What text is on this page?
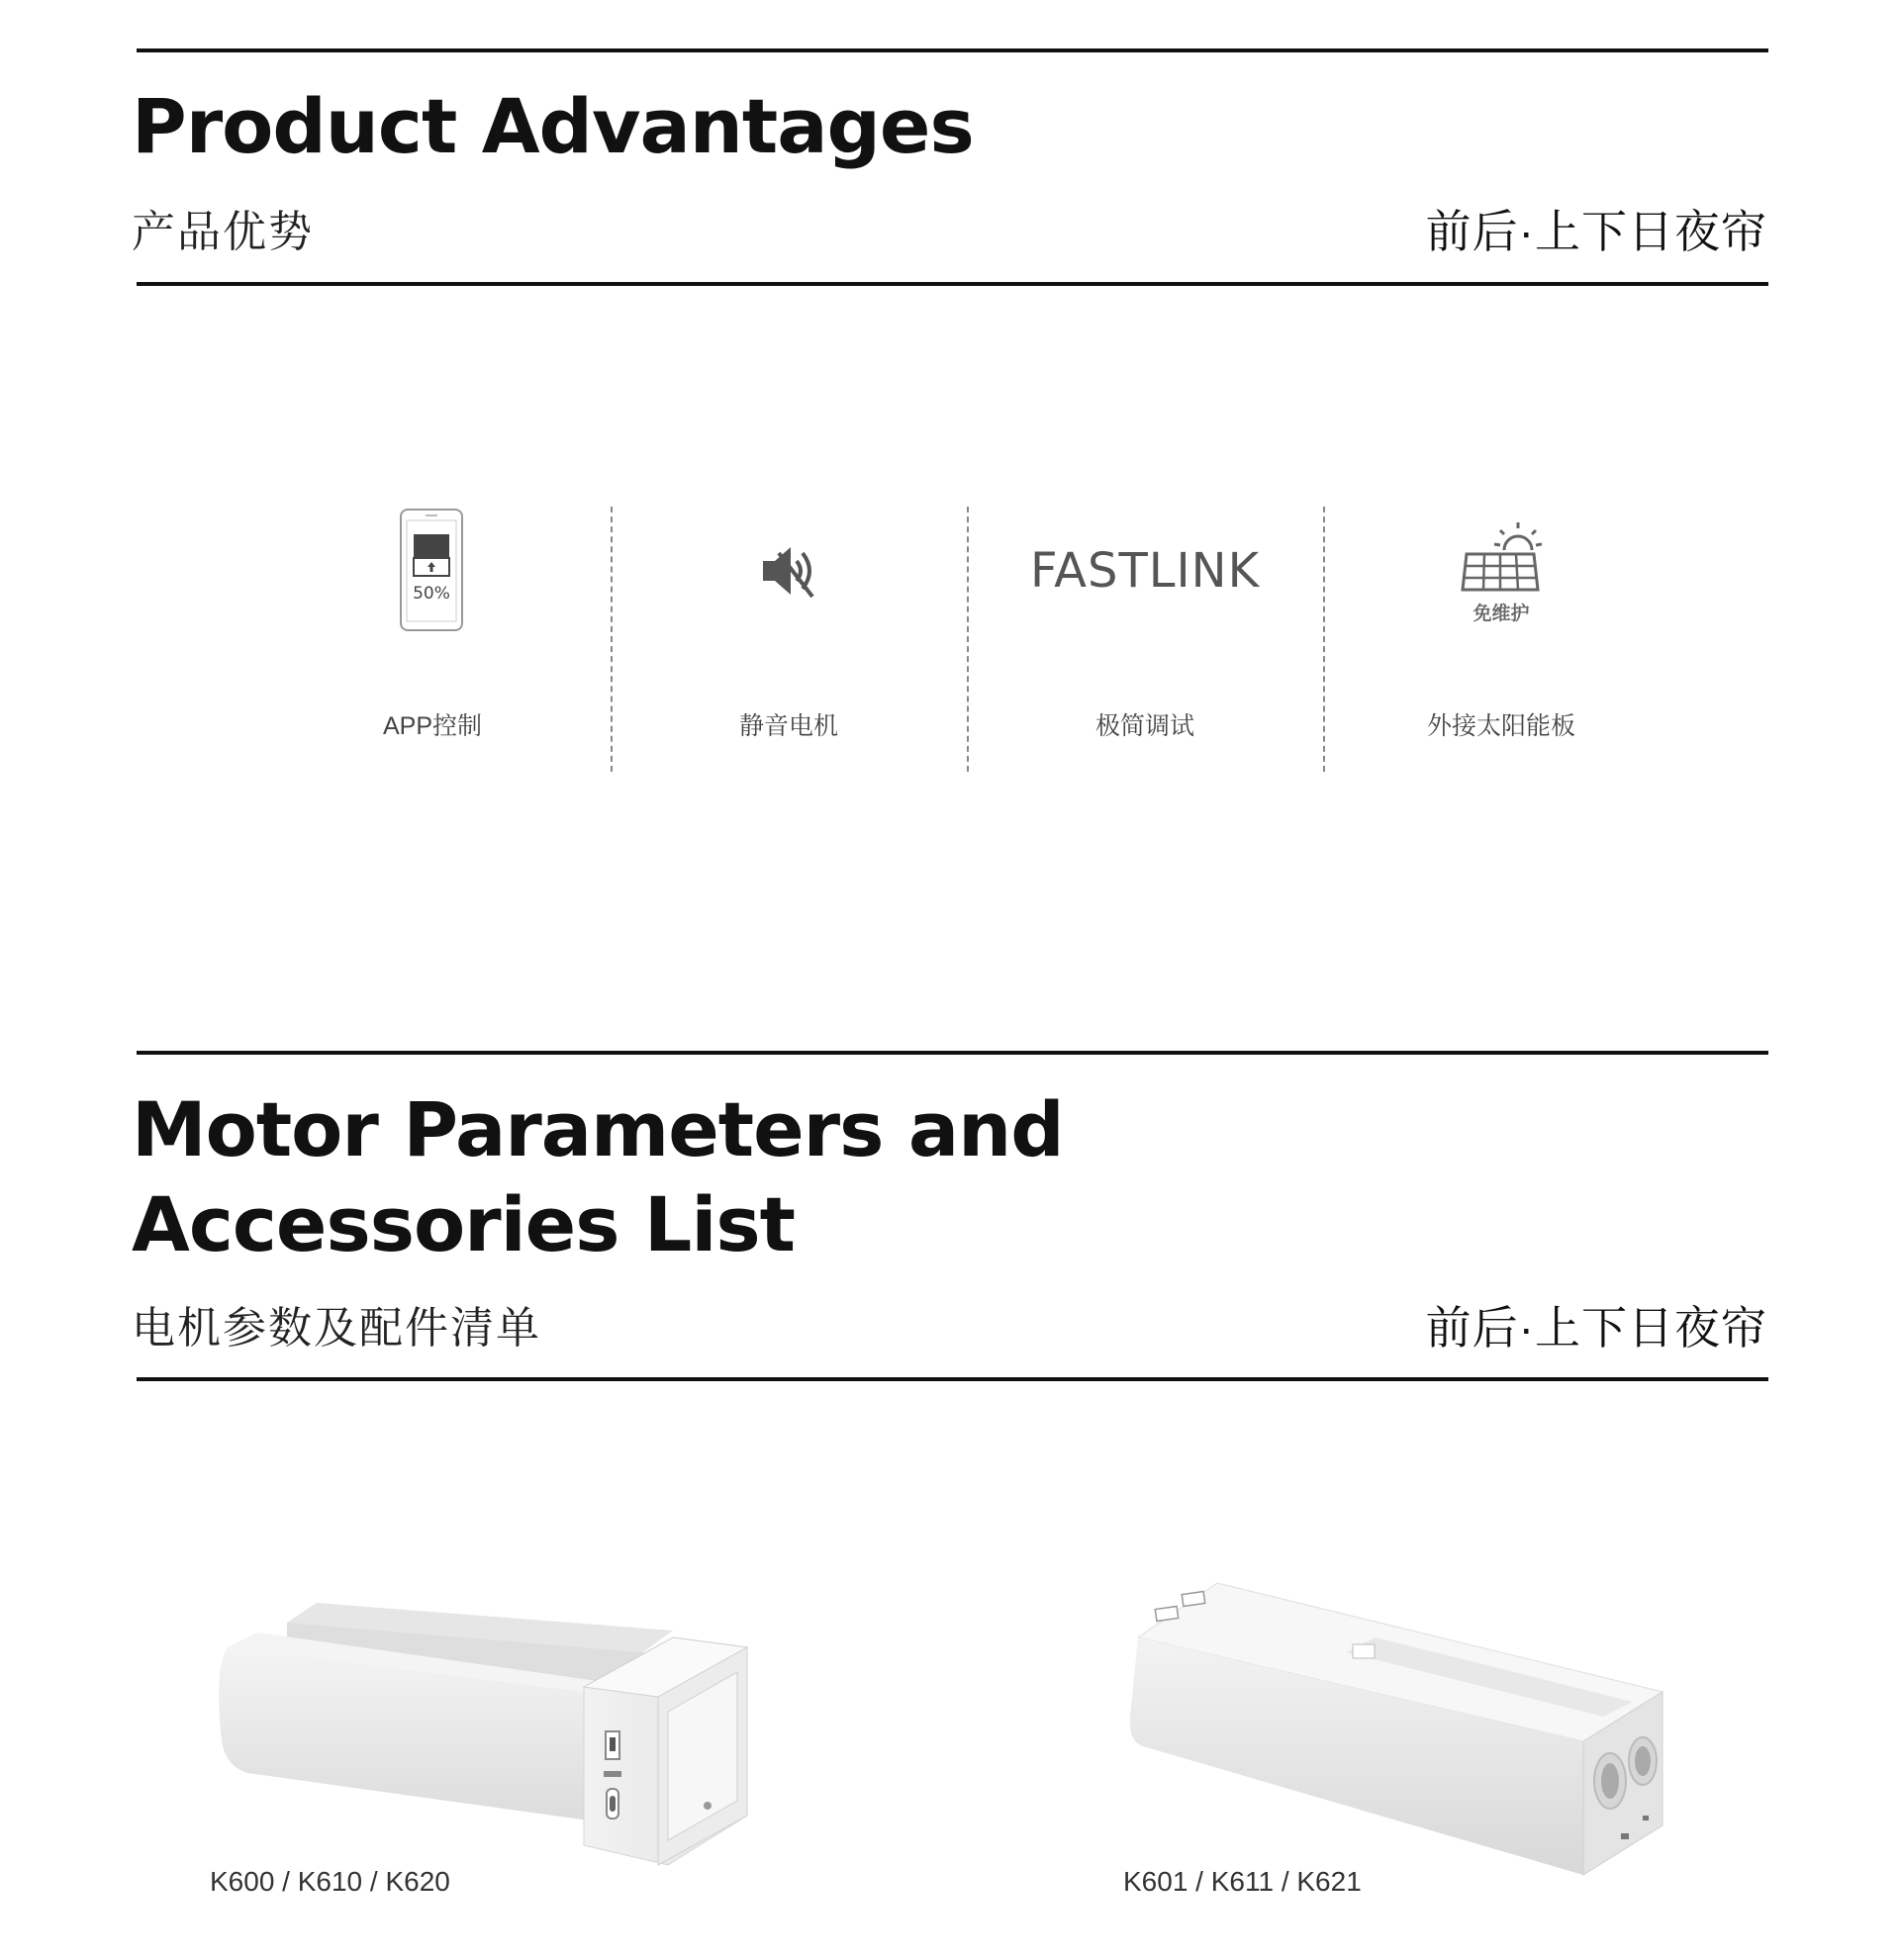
Product Advantages
产品优势	前后·上下日夜帘
50%
APP控制	静音电机
FASTLINK
极简调试
免维护
外接太阳能板
Motor Parameters and
Accessories List
电机参数及配件清单	前后·上下日夜帘
K600 / K610 / K620	K601 / K611 / K621
